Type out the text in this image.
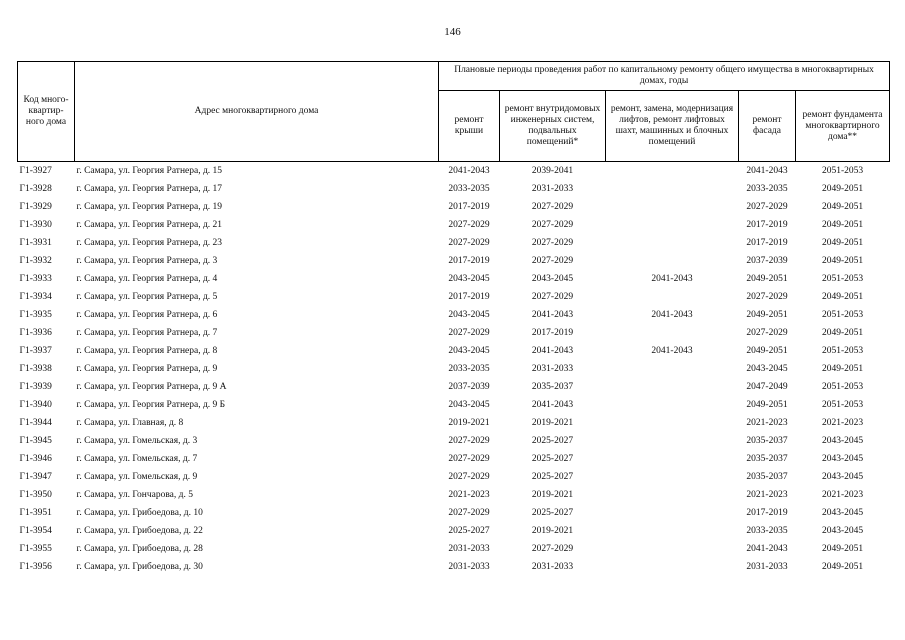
146
Код много-квартир-ного дома	Адрес многоквартирного дома	Плановые периоды проведения работ по капитальному ремонту общего имущества в многоквартирных домах, годы				
		ремонт крыши	ремонт внутридомовых инженерных систем, подвальных помещений*	ремонт, замена, модернизация лифтов, ремонт лифтовых шахт, машинных и блочных помещений	ремонт фасада	ремонт фундамента многоквартирного дома**
Г1-3927	г. Самара, ул. Георгия Ратнера, д. 15	2041-2043	2039-2041		2041-2043	2051-2053
Г1-3928	г. Самара, ул. Георгия Ратнера, д. 17	2033-2035	2031-2033		2033-2035	2049-2051
Г1-3929	г. Самара, ул. Георгия Ратнера, д. 19	2017-2019	2027-2029		2027-2029	2049-2051
Г1-3930	г. Самара, ул. Георгия Ратнера, д. 21	2027-2029	2027-2029		2017-2019	2049-2051
Г1-3931	г. Самара, ул. Георгия Ратнера, д. 23	2027-2029	2027-2029		2017-2019	2049-2051
Г1-3932	г. Самара, ул. Георгия Ратнера, д. 3	2017-2019	2027-2029		2037-2039	2049-2051
Г1-3933	г. Самара, ул. Георгия Ратнера, д. 4	2043-2045	2043-2045	2041-2043	2049-2051	2051-2053
Г1-3934	г. Самара, ул. Георгия Ратнера, д. 5	2017-2019	2027-2029		2027-2029	2049-2051
Г1-3935	г. Самара, ул. Георгия Ратнера, д. 6	2043-2045	2041-2043	2041-2043	2049-2051	2051-2053
Г1-3936	г. Самара, ул. Георгия Ратнера, д. 7	2027-2029	2017-2019		2027-2029	2049-2051
Г1-3937	г. Самара, ул. Георгия Ратнера, д. 8	2043-2045	2041-2043	2041-2043	2049-2051	2051-2053
Г1-3938	г. Самара, ул. Георгия Ратнера, д. 9	2033-2035	2031-2033		2043-2045	2049-2051
Г1-3939	г. Самара, ул. Георгия Ратнера, д. 9 А	2037-2039	2035-2037		2047-2049	2051-2053
Г1-3940	г. Самара, ул. Георгия Ратнера, д. 9 Б	2043-2045	2041-2043		2049-2051	2051-2053
Г1-3944	г. Самара, ул. Главная, д. 8	2019-2021	2019-2021		2021-2023	2021-2023
Г1-3945	г. Самара, ул. Гомельская, д. 3	2027-2029	2025-2027		2035-2037	2043-2045
Г1-3946	г. Самара, ул. Гомельская, д. 7	2027-2029	2025-2027		2035-2037	2043-2045
Г1-3947	г. Самара, ул. Гомельская, д. 9	2027-2029	2025-2027		2035-2037	2043-2045
Г1-3950	г. Самара, ул. Гончарова, д. 5	2021-2023	2019-2021		2021-2023	2021-2023
Г1-3951	г. Самара, ул. Грибоедова, д. 10	2027-2029	2025-2027		2017-2019	2043-2045
Г1-3954	г. Самара, ул. Грибоедова, д. 22	2025-2027	2019-2021		2033-2035	2043-2045
Г1-3955	г. Самара, ул. Грибоедова, д. 28	2031-2033	2027-2029		2041-2043	2049-2051
Г1-3956	г. Самара, ул. Грибоедова, д. 30	2031-2033	2031-2033		2031-2033	2049-2051
